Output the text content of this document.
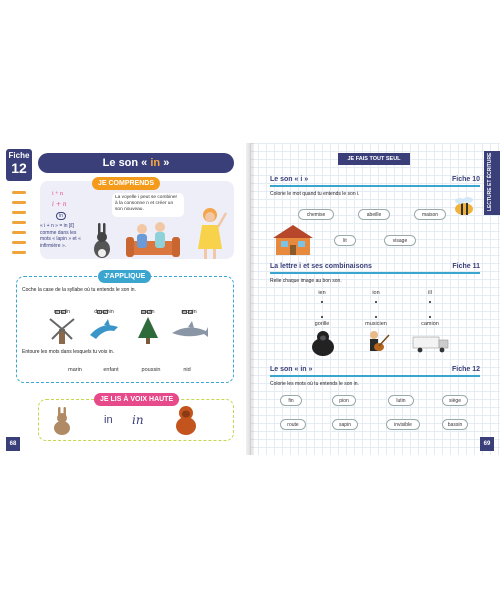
Fiche
12	Le son « in »
JE COMPRENDS
i + n
i + n
in
« i + n » = in [ɛ̃] comme dans les mots « lapin » et « infirmière ».
La voyelle i peut se combiner à la consonne n et créer un son nouveau.
J'APPLIQUE
Coche la case de la syllabe où tu entends le son in.
moulin	dauphin	sapin	requin
Entoure les mots dans lesquels tu vois in.
marin	enfant	poussin	nid
JE LIS À VOIX HAUTE
in in
68
JE FAIS TOUT SEUL	LECTURE ET ÉCRITURE
Le son « i »	Fiche 10
Colorie le mot quand tu entends le son i.
chemise	abeille	maison
lit	visage
La lettre i et ses combinaisons	Fiche 11
Relie chaque image au bon son.
ien	ion	ill
gorille	musicien	camion
Le son « in »	Fiche 12
Colorie les mots où tu entends le son in.
fin	pion	lutin	siège
route	sapin	invisible	bassin
69
